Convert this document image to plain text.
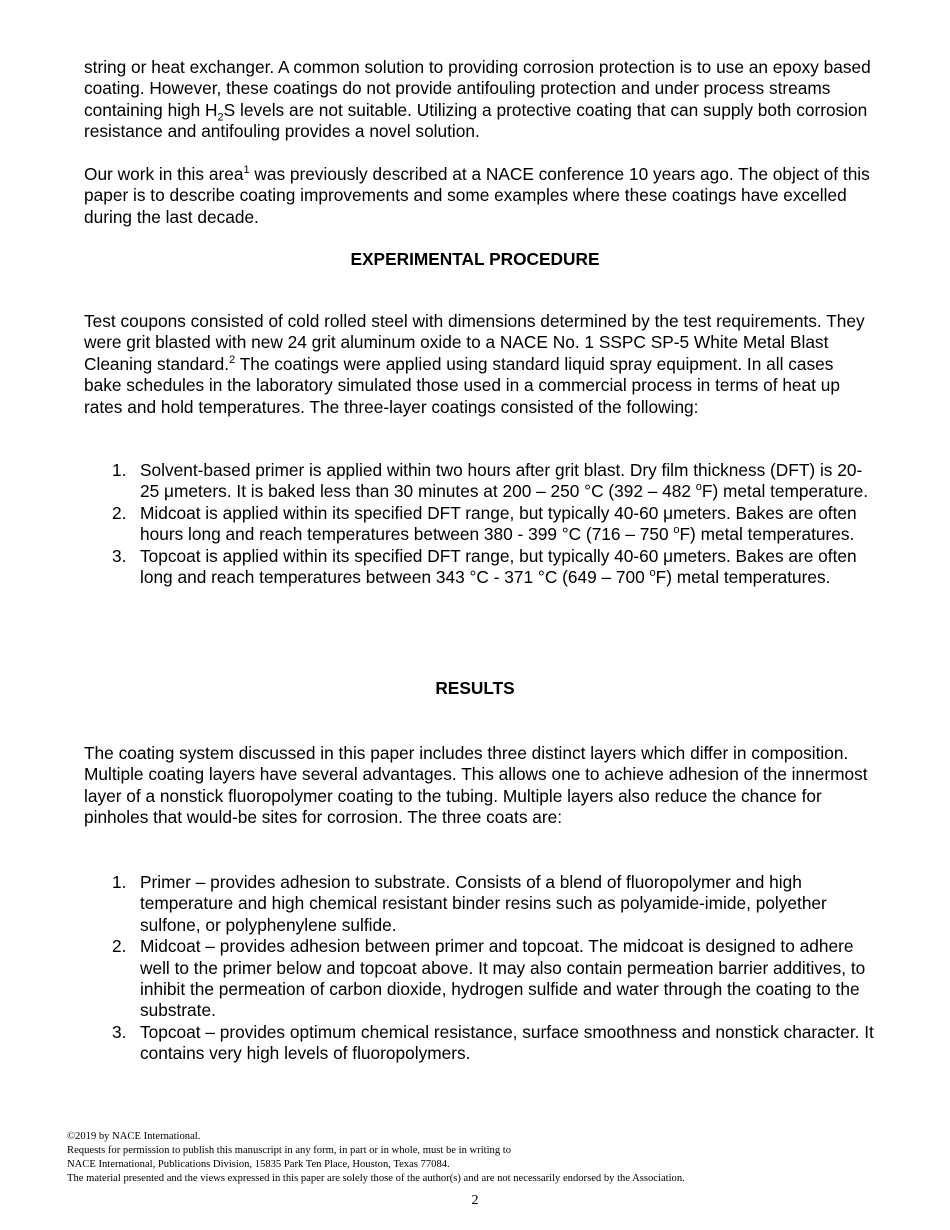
string or heat exchanger. A common solution to providing corrosion protection is to use an epoxy based coating. However, these coatings do not provide antifouling protection and under process streams containing high $H_2S$ levels are not suitable. Utilizing a protective coating that can supply both corrosion resistance and antifouling provides a novel solution.

Our work in this area$^1$ was previously described at a NACE conference 10 years ago. The object of this paper is to describe coating improvements and some examples where these coatings have excelled during the last decade.

EXPERIMENTAL PROCEDURE

Test coupons consisted of cold rolled steel with dimensions determined by the test requirements. They were grit blasted with new 24 grit aluminum oxide to a NACE No. 1 SSPC SP-5 White Metal Blast Cleaning standard.$^2$ The coatings were applied using standard liquid spray equipment. In all cases bake schedules in the laboratory simulated those used in a commercial process in terms of heat up rates and hold temperatures. The three-layer coatings consisted of the following:

1. Solvent-based primer is applied within two hours after grit blast. Dry film thickness (DFT) is 20-25 μmeters. It is baked less than 30 minutes at 200 – 250 °C (392 – 482 $^o$F) metal temperature.
2. Midcoat is applied within its specified DFT range, but typically 40-60 μmeters. Bakes are often hours long and reach temperatures between 380 - 399 °C (716 – 750 $^o$F) metal temperatures.
3. Topcoat is applied within its specified DFT range, but typically 40-60 μmeters. Bakes are often long and reach temperatures between 343 °C - 371 °C (649 – 700 $^o$F) metal temperatures.
RESULTS

The coating system discussed in this paper includes three distinct layers which differ in composition. Multiple coating layers have several advantages. This allows one to achieve adhesion of the innermost layer of a nonstick fluoropolymer coating to the tubing. Multiple layers also reduce the chance for pinholes that would-be sites for corrosion. The three coats are:

1. Primer – provides adhesion to substrate. Consists of a blend of fluoropolymer and high temperature and high chemical resistant binder resins such as polyamide-imide, polyether sulfone, or polyphenylene sulfide.
2. Midcoat – provides adhesion between primer and topcoat. The midcoat is designed to adhere well to the primer below and topcoat above. It may also contain permeation barrier additives, to inhibit the permeation of carbon dioxide, hydrogen sulfide and water through the coating to the substrate.
3. Topcoat – provides optimum chemical resistance, surface smoothness and nonstick character. It contains very high levels of fluoropolymers.
©2019 by NACE International.
Requests for permission to publish this manuscript in any form, in part or in whole, must be in writing to
NACE International, Publications Division, 15835 Park Ten Place, Houston, Texas 77084.
The material presented and the views expressed in this paper are solely those of the author(s) and are not necessarily endorsed by the Association.
2
